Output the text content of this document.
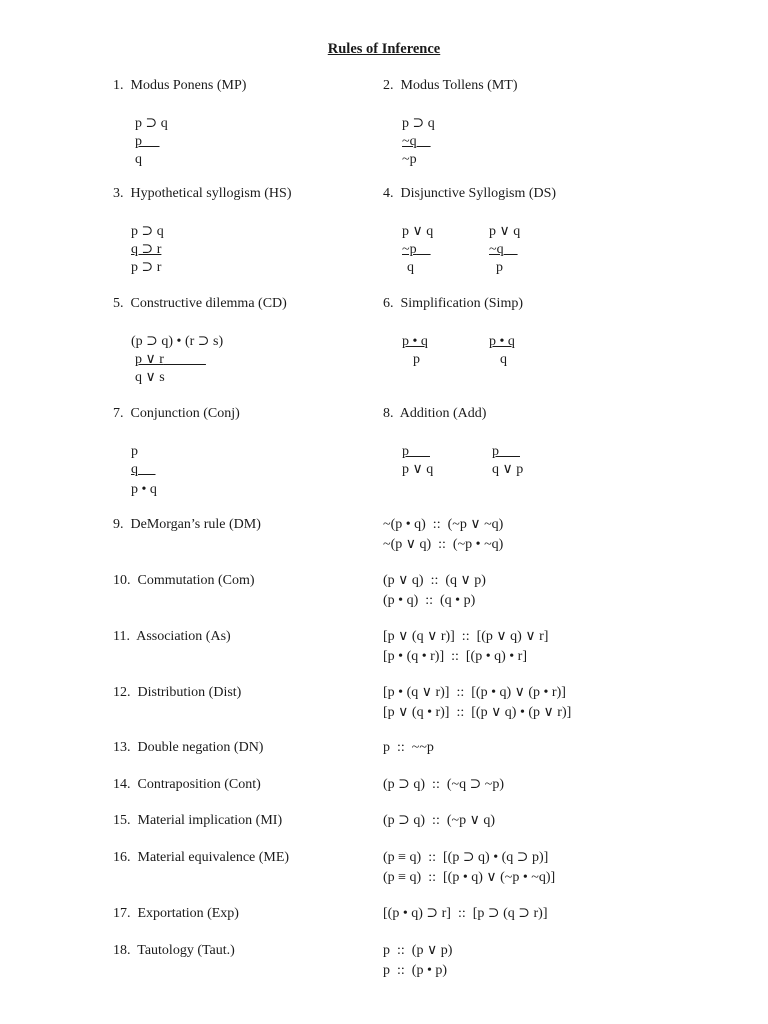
Rules of Inference
1.  Modus Ponens (MP)
p ⊃ q
p
q
2.  Modus Tollens (MT)
p ⊃ q
~q
~p
3.  Hypothetical syllogism (HS)
p ⊃ q
q ⊃ r
p ⊃ r
4.  Disjunctive Syllogism (DS)
p ∨ q
~p
q
p ∨ q
~q
p
5.  Constructive dilemma (CD)
(p ⊃ q) • (r ⊃ s)
p ∨ r
q ∨ s
6.  Simplification (Simp)
p • q
p
p • q
q
7.  Conjunction (Conj)
p
q
p • q
8.  Addition (Add)
p
p ∨ q
p
q ∨ p
9.  DeMorgan’s rule (DM)	~(p • q)  ::  (~p ∨ ~q)
~(p ∨ q)  ::  (~p • ~q)
10.  Commutation (Com)	(p ∨ q)  ::  (q ∨ p)
(p • q)  ::  (q • p)
11.  Association (As)	[p ∨ (q ∨ r)]  ::  [(p ∨ q) ∨ r]
[p • (q • r)]  ::  [(p • q) • r]
12.  Distribution (Dist)	[p • (q ∨ r)]  ::  [(p • q) ∨ (p • r)]
[p ∨ (q • r)]  ::  [(p ∨ q) • (p ∨ r)]
13.  Double negation (DN)	p  ::  ~~p
14.  Contraposition (Cont)	(p ⊃ q)  ::  (~q ⊃ ~p)
15.  Material implication (MI)	(p ⊃ q)  ::  (~p ∨ q)
16.  Material equivalence (ME)	(p ≡ q)  ::  [(p ⊃ q) • (q ⊃ p)]
(p ≡ q)  ::  [(p • q) ∨ (~p • ~q)]
17.  Exportation (Exp)	[(p • q) ⊃ r]  ::  [p ⊃ (q ⊃ r)]
18.  Tautology (Taut.)	p  ::  (p ∨ p)
p  ::  (p • p)
